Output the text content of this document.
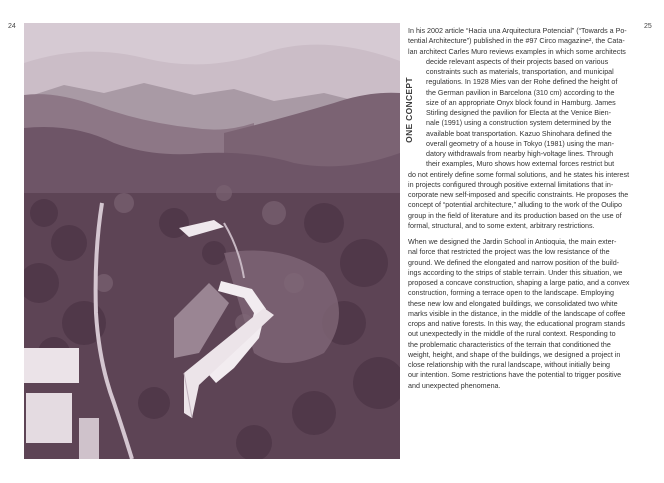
24	25
ONE CONCEPT
In his 2002 article “Hacia una Arquitectura Potencial” (“Towards a Po-
tential Architecture”) published in the #97 Circo magazine², the Cata-
lan architect Carles Muro reviews examples in which some architects
decide relevant aspects of their projects based on various
constraints such as materials, transportation, and municipal
regulations. In 1928 Mies van der Rohe defined the height of
the German pavilion in Barcelona (310 cm) according to the
size of an appropriate Onyx block found in Hamburg. James
Stirling designed the pavilion for Electa at the Venice Bien-
nale (1991) using a construction system determined by the
available boat transportation. Kazuo Shinohara defined the
overall geometry of a house in Tokyo (1981) using the man-
datory withdrawals from nearby high-voltage lines. Through
their examples, Muro shows how external forces restrict but
do not entirely define some formal solutions, and he states his interest
in projects configured through positive external limitations that in-
corporate new self-imposed and specific constraints. He proposes the
concept of “potential architecture,” alluding to the work of the Oulipo
group in the field of literature and its production based on the use of
formal, structural, and to some extent, arbitrary restrictions.
When we designed the Jardin School in Antioquia, the main exter-
nal force that restricted the project was the low resistance of the
ground. We defined the elongated and narrow position of the build-
ings according to the strips of stable terrain. Under this situation, we
proposed a concave construction, shaping a large patio, and a convex
construction, forming a terrace open to the landscape. Employing
these new low and elongated buildings, we consolidated two white
marks visible in the distance, in the middle of the landscape of coffee
crops and native forests. In this way, the educational program stands
out unexpectedly in the middle of the rural context. Responding to
the problematic characteristics of the terrain that conditioned the
weight, height, and shape of the buildings, we designed a project in
close relationship with the rural landscape, without initially being
our intention. Some restrictions have the potential to trigger positive
and unexpected phenomena.
